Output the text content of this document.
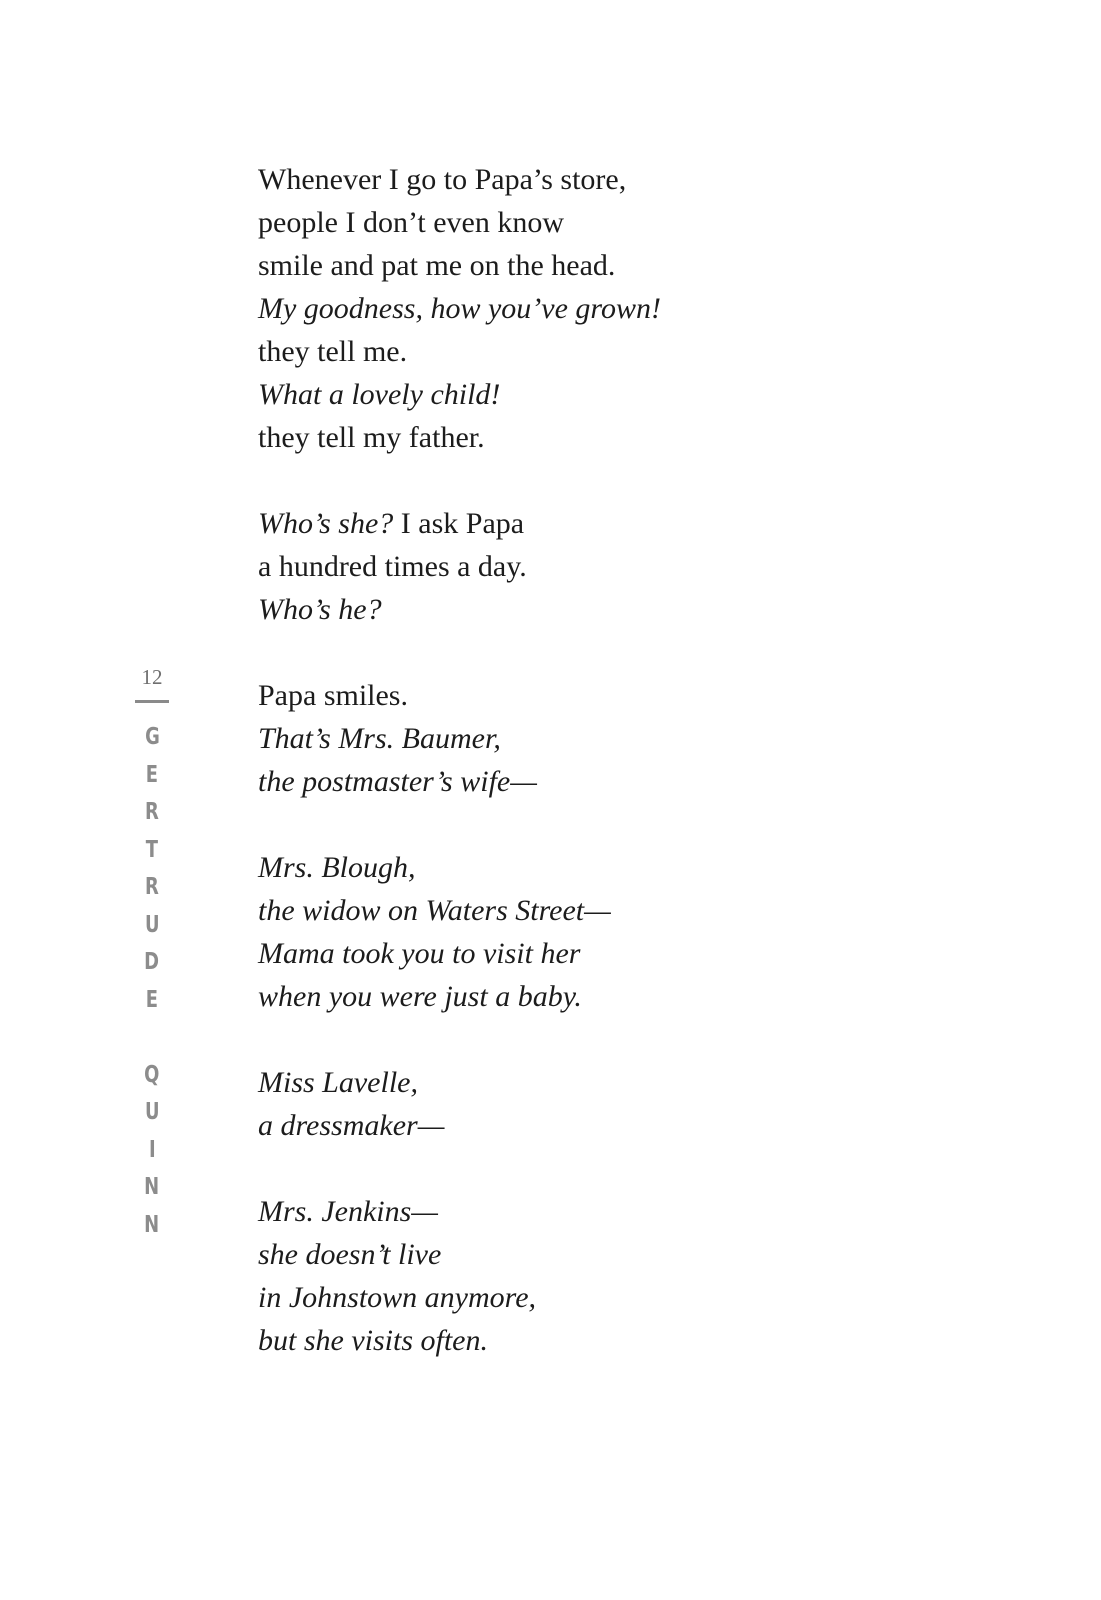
12
G
E
R
T
R
U
D
E
Q
U
I
N
N
Whenever I go to Papa’s store,
people I don’t even know
smile and pat me on the head.
My goodness, how you’ve grown!
they tell me.
What a lovely child!
they tell my father.
Who’s she? I ask Papa
a hundred times a day.
Who’s he?
Papa smiles.
That’s Mrs. Baumer,
the postmaster’s wife—
Mrs. Blough,
the widow on Waters Street—
Mama took you to visit her
when you were just a baby.
Miss Lavelle,
a dressmaker—
Mrs. Jenkins—
she doesn’t live
in Johnstown anymore,
but she visits often.
